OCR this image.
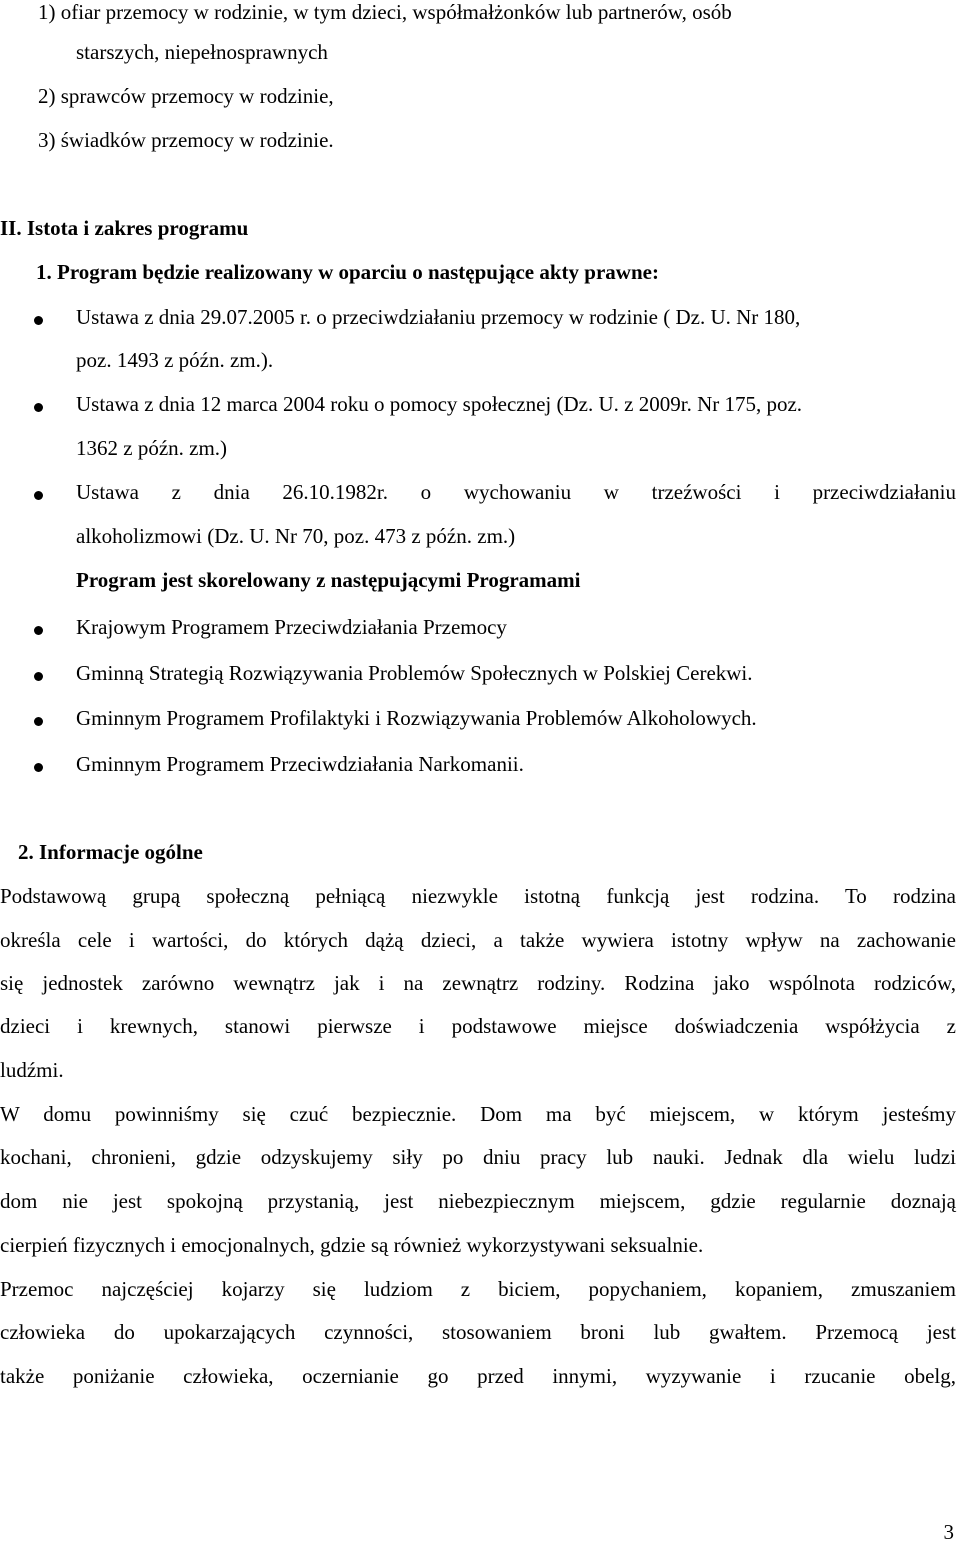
1) ofiar przemocy w rodzinie, w tym dzieci, współmałżonków lub partnerów, osób
starszych, niepełnosprawnych
2) sprawców przemocy w rodzinie,
3) świadków przemocy w rodzinie.
II. Istota i zakres programu
1. Program będzie realizowany w oparciu o następujące akty prawne:
Ustawa z dnia 29.07.2005 r. o przeciwdziałaniu przemocy w rodzinie ( Dz. U. Nr 180,
poz. 1493 z późn. zm.).
Ustawa z dnia 12 marca 2004 roku o pomocy społecznej (Dz. U. z 2009r. Nr 175, poz.
1362 z późn. zm.)
Ustawa z dnia 26.10.1982r. o wychowaniu w trzeźwości i przeciwdziałaniu
alkoholizmowi (Dz. U. Nr 70, poz. 473 z późn. zm.)
Program jest skorelowany z następującymi Programami
Krajowym Programem Przeciwdziałania Przemocy
Gminną Strategią Rozwiązywania Problemów Społecznych w Polskiej Cerekwi.
Gminnym Programem Profilaktyki i Rozwiązywania Problemów Alkoholowych.
Gminnym Programem Przeciwdziałania Narkomanii.
2. Informacje ogólne
Podstawową grupą społeczną pełniącą niezwykle istotną funkcją jest rodzina. To rodzina
określa cele i wartości, do których dążą dzieci, a także wywiera istotny wpływ na zachowanie
się jednostek zarówno wewnątrz jak i na zewnątrz rodziny. Rodzina jako wspólnota rodziców,
dzieci i krewnych, stanowi pierwsze i podstawowe miejsce doświadczenia współżycia z
ludźmi.
W domu powinniśmy się czuć bezpiecznie. Dom ma być miejscem, w którym jesteśmy
kochani, chronieni, gdzie odzyskujemy siły po dniu pracy lub nauki. Jednak dla wielu ludzi
dom nie jest spokojną przystanią, jest niebezpiecznym miejscem, gdzie regularnie doznają
cierpień fizycznych i emocjonalnych, gdzie są również wykorzystywani seksualnie.
Przemoc najczęściej kojarzy się ludziom z biciem, popychaniem, kopaniem, zmuszaniem
człowieka do upokarzających czynności, stosowaniem broni lub gwałtem. Przemocą jest
także poniżanie człowieka, oczernianie go przed innymi, wyzywanie i rzucanie obelg,
3
